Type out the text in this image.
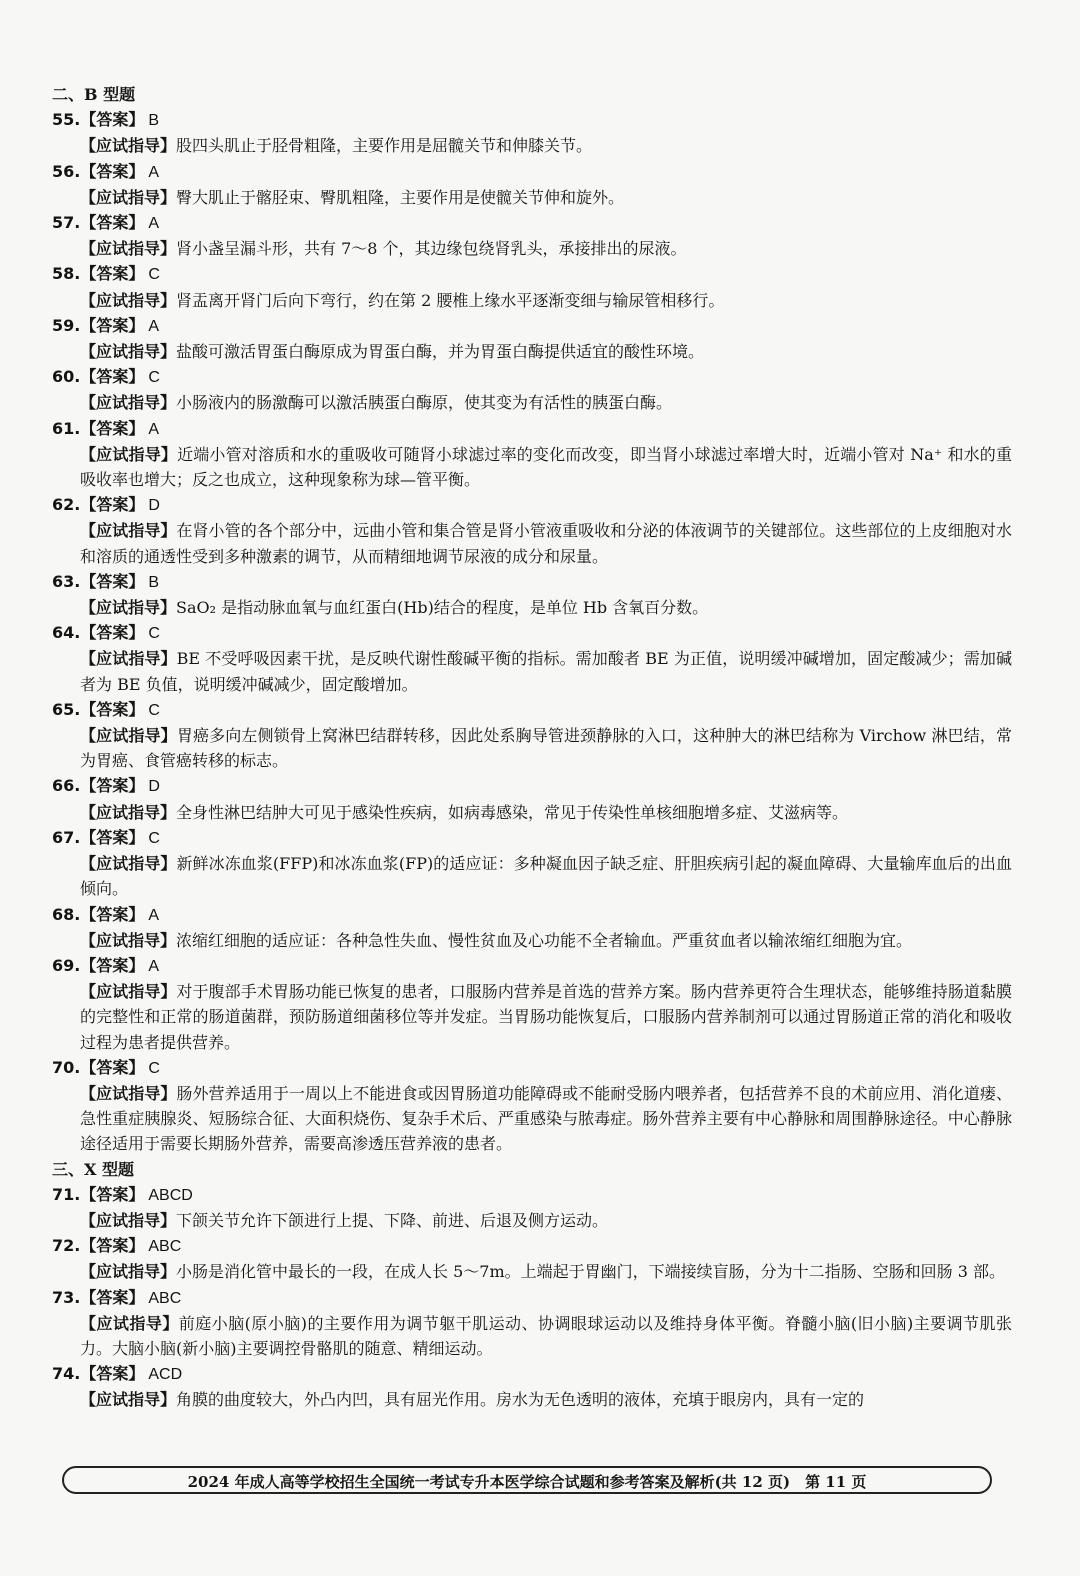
二、B 型题
55.【答案】 B
【应试指导】股四头肌止于胫骨粗隆，主要作用是屈髋关节和伸膝关节。
56.【答案】 A
【应试指导】臀大肌止于髂胫束、臀肌粗隆，主要作用是使髋关节伸和旋外。
57.【答案】 A
【应试指导】肾小盏呈漏斗形，共有 7～8 个，其边缘包绕肾乳头，承接排出的尿液。
58.【答案】 C
【应试指导】肾盂离开肾门后向下弯行，约在第 2 腰椎上缘水平逐渐变细与输尿管相移行。
59.【答案】 A
【应试指导】盐酸可激活胃蛋白酶原成为胃蛋白酶，并为胃蛋白酶提供适宜的酸性环境。
60.【答案】 C
【应试指导】小肠液内的肠激酶可以激活胰蛋白酶原，使其变为有活性的胰蛋白酶。
61.【答案】 A
【应试指导】近端小管对溶质和水的重吸收可随肾小球滤过率的变化而改变，即当肾小球滤过率增大时，近端小管对 Na⁺ 和水的重吸收率也增大；反之也成立，这种现象称为球—管平衡。
62.【答案】 D
【应试指导】在肾小管的各个部分中，远曲小管和集合管是肾小管液重吸收和分泌的体液调节的关键部位。这些部位的上皮细胞对水和溶质的通透性受到多种激素的调节，从而精细地调节尿液的成分和尿量。
63.【答案】 B
【应试指导】SaO₂ 是指动脉血氧与血红蛋白(Hb)结合的程度，是单位 Hb 含氧百分数。
64.【答案】 C
【应试指导】BE 不受呼吸因素干扰，是反映代谢性酸碱平衡的指标。需加酸者 BE 为正值，说明缓冲碱增加，固定酸减少；需加碱者为 BE 负值，说明缓冲碱减少，固定酸增加。
65.【答案】 C
【应试指导】胃癌多向左侧锁骨上窝淋巴结群转移，因此处系胸导管进颈静脉的入口，这种肿大的淋巴结称为 Virchow 淋巴结，常为胃癌、食管癌转移的标志。
66.【答案】 D
【应试指导】全身性淋巴结肿大可见于感染性疾病，如病毒感染，常见于传染性单核细胞增多症、艾滋病等。
67.【答案】 C
【应试指导】新鲜冰冻血浆(FFP)和冰冻血浆(FP)的适应证：多种凝血因子缺乏症、肝胆疾病引起的凝血障碍、大量输库血后的出血倾向。
68.【答案】 A
【应试指导】浓缩红细胞的适应证：各种急性失血、慢性贫血及心功能不全者输血。严重贫血者以输浓缩红细胞为宜。
69.【答案】 A
【应试指导】对于腹部手术胃肠功能已恢复的患者，口服肠内营养是首选的营养方案。肠内营养更符合生理状态，能够维持肠道黏膜的完整性和正常的肠道菌群，预防肠道细菌移位等并发症。当胃肠功能恢复后，口服肠内营养制剂可以通过胃肠道正常的消化和吸收过程为患者提供营养。
70.【答案】 C
【应试指导】肠外营养适用于一周以上不能进食或因胃肠道功能障碍或不能耐受肠内喂养者，包括营养不良的术前应用、消化道瘘、急性重症胰腺炎、短肠综合征、大面积烧伤、复杂手术后、严重感染与脓毒症。肠外营养主要有中心静脉和周围静脉途径。中心静脉途径适用于需要长期肠外营养，需要高渗透压营养液的患者。
三、X 型题
71.【答案】 ABCD
【应试指导】下颌关节允许下颌进行上提、下降、前进、后退及侧方运动。
72.【答案】 ABC
【应试指导】小肠是消化管中最长的一段，在成人长 5～7m。上端起于胃幽门，下端接续盲肠，分为十二指肠、空肠和回肠 3 部。
73.【答案】 ABC
【应试指导】前庭小脑(原小脑)的主要作用为调节躯干肌运动、协调眼球运动以及维持身体平衡。脊髓小脑(旧小脑)主要调节肌张力。大脑小脑(新小脑)主要调控骨骼肌的随意、精细运动。
74.【答案】 ACD
【应试指导】角膜的曲度较大，外凸内凹，具有屈光作用。房水为无色透明的液体，充填于眼房内，具有一定的
2024 年成人高等学校招生全国统一考试专升本医学综合试题和参考答案及解析(共 12 页)　第 11 页
